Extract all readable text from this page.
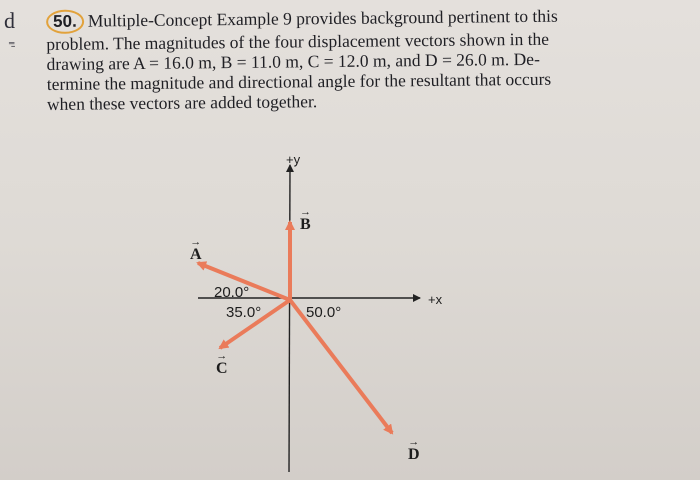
d
⁼̵
50. Multiple-Concept Example 9 provides background pertinent to this
problem. The magnitudes of the four displacement vectors shown in the
drawing are A = 16.0 m, B = 11.0 m, C = 12.0 m, and D = 26.0 m. De-
termine the magnitude and directional angle for the resultant that occurs
when these vectors are added together.
+y
+x
→
B
→
A
→
C
→
D
20.0°
35.0°	50.0°
